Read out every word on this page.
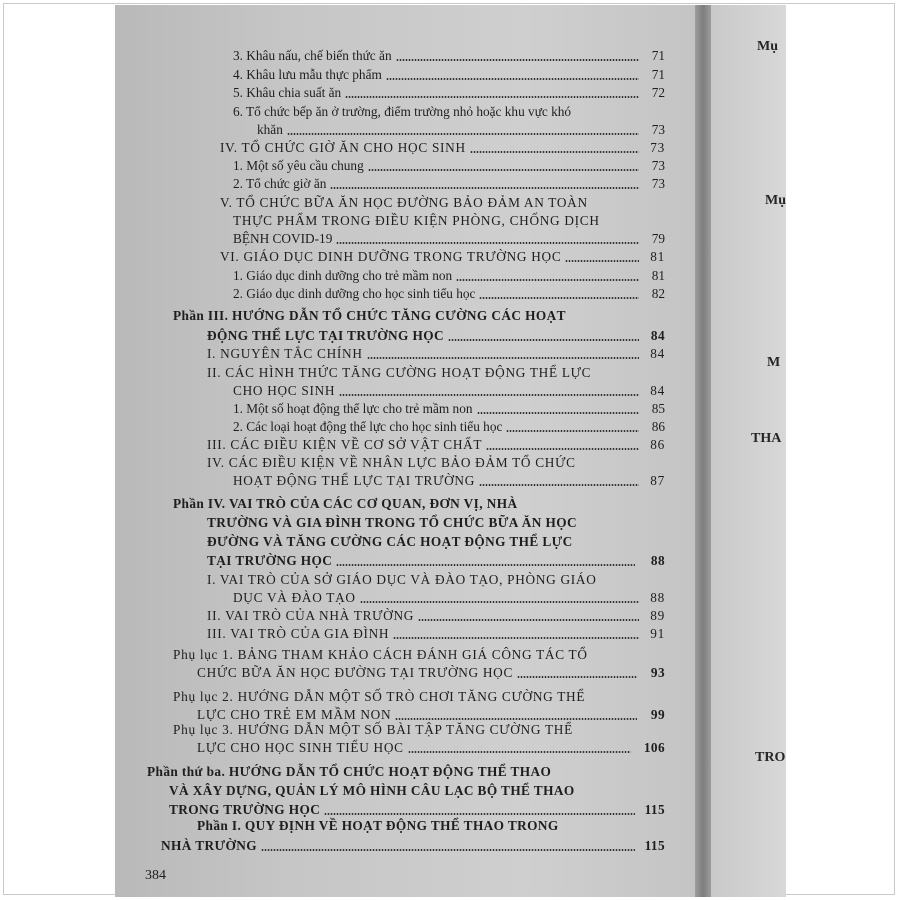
3. Khâu nấu, chế biến thức ăn	71
4. Khâu lưu mẫu thực phẩm	71
5. Khâu chia suất ăn	72
6. Tổ chức bếp ăn ở trường, điểm trường nhỏ hoặc khu vực khó
khăn	73
IV. TỔ CHỨC GIỜ ĂN CHO HỌC SINH	73
1. Một số yêu cầu chung	73
2. Tổ chức giờ ăn	73
V. TỔ CHỨC BỮA ĂN HỌC ĐƯỜNG BẢO ĐẢM AN TOÀN
THỰC PHẨM TRONG ĐIỀU KIỆN PHÒNG, CHỐNG DỊCH
BỆNH COVID-19	79
VI. GIÁO DỤC DINH DƯỠNG TRONG TRƯỜNG HỌC	81
1. Giáo dục dinh dưỡng cho trẻ mầm non	81
2. Giáo dục dinh dưỡng cho học sinh tiểu học	82
Phần III. HƯỚNG DẪN TỔ CHỨC TĂNG CƯỜNG CÁC HOẠT
ĐỘNG THỂ LỰC TẠI TRƯỜNG HỌC	84
I. NGUYÊN TẮC CHÍNH	84
II. CÁC HÌNH THỨC TĂNG CƯỜNG HOẠT ĐỘNG THỂ LỰC
CHO HỌC SINH	84
1. Một số hoạt động thể lực cho trẻ mầm non	85
2. Các loại hoạt động thể lực cho học sinh tiểu học	86
III. CÁC ĐIỀU KIỆN VỀ CƠ SỞ VẬT CHẤT	86
IV. CÁC ĐIỀU KIỆN VỀ NHÂN LỰC BẢO ĐẢM TỔ CHỨC
HOẠT ĐỘNG THỂ LỰC TẠI TRƯỜNG	87
Phần IV. VAI TRÒ CỦA CÁC CƠ QUAN, ĐƠN VỊ, NHÀ
TRƯỜNG VÀ GIA ĐÌNH TRONG TỔ CHỨC BỮA ĂN HỌC
ĐƯỜNG VÀ TĂNG CƯỜNG CÁC HOẠT ĐỘNG THỂ LỰC
TẠI TRƯỜNG HỌC	88
I. VAI TRÒ CỦA SỞ GIÁO DỤC VÀ ĐÀO TẠO, PHÒNG GIÁO
DỤC VÀ ĐÀO TẠO	88
II. VAI TRÒ CỦA NHÀ TRƯỜNG	89
III. VAI TRÒ CỦA GIA ĐÌNH	91
Phụ lục 1. BẢNG THAM KHẢO CÁCH ĐÁNH GIÁ CÔNG TÁC TỔ
CHỨC BỮA ĂN HỌC ĐƯỜNG TẠI TRƯỜNG HỌC	93
Phụ lục 2. HƯỚNG DẪN MỘT SỐ TRÒ CHƠI TĂNG CƯỜNG THỂ
LỰC CHO TRẺ EM MẦM NON	99
Phụ lục 3. HƯỚNG DẪN MỘT SỐ BÀI TẬP TĂNG CƯỜNG THỂ
LỰC CHO HỌC SINH TIỂU HỌC	106
Phần thứ ba. HƯỚNG DẪN TỔ CHỨC HOẠT ĐỘNG THỂ THAO
VÀ XÂY DỰNG, QUẢN LÝ MÔ HÌNH CÂU LẠC BỘ THỂ THAO
TRONG TRƯỜNG HỌC	115
Phần I. QUY ĐỊNH VỀ HOẠT ĐỘNG THỂ THAO TRONG
NHÀ TRƯỜNG	115
384
Mụ
Mụ
M
THA
TRO
